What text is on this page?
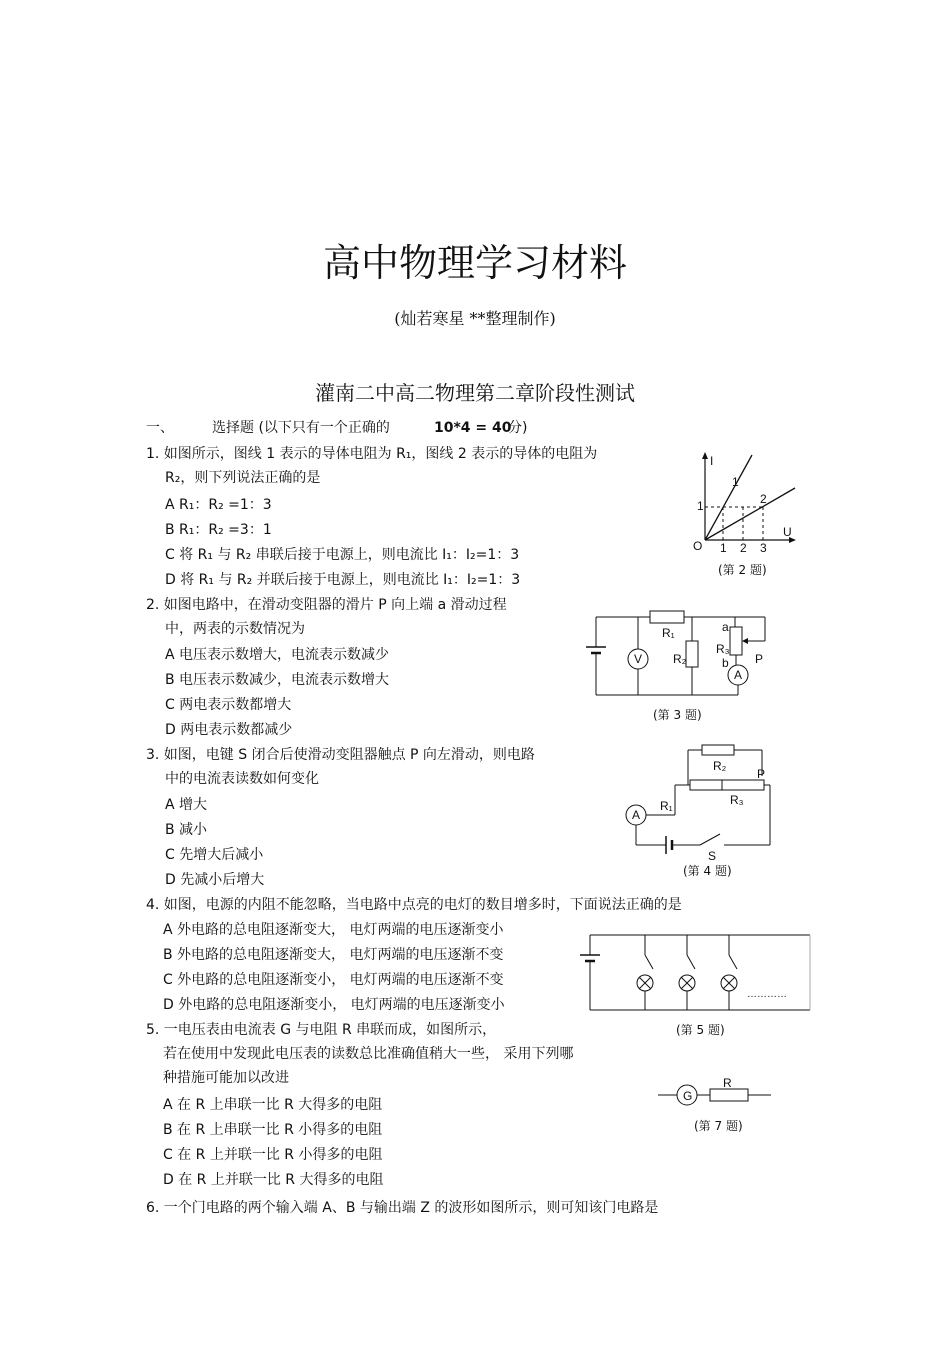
高中物理学习材料
(灿若寒星 **整理制作)
灌南二中高二物理第二章阶段性测试
一、	选择题 (以下只有一个正确的	10*4 = 40
分)
1. 如图所示，图线 1 表示的导体电阻为 R₁，图线 2 表示的导体的电阻为
R₂，则下列说法正确的是
A R₁：R₂ =1：3
B R₁：R₂ =3：1
C 将 R₁ 与 R₂ 串联后接于电源上，则电流比 I₁：I₂=1：3
D 将 R₁ 与 R₂ 并联后接于电源上，则电流比 I₁：I₂=1：3
2. 如图电路中，在滑动变阻器的滑片 P 向上端 a 滑动过程
中，两表的示数情况为
A 电压表示数增大，电流表示数减少
B 电压表示数减少，电流表示数增大
C 两电表示数都增大
D 两电表示数都减少
3. 如图，电键 S 闭合后使滑动变阻器触点 P 向左滑动，则电路
中的电流表读数如何变化
A 增大
B 减小
C 先增大后减小
D 先减小后增大
4. 如图，电源的内阻不能忽略，当电路中点亮的电灯的数目增多时，下面说法正确的是
A 外电路的总电阻逐渐变大， 电灯两端的电压逐渐变小
B 外电路的总电阻逐渐变大， 电灯两端的电压逐渐不变
C 外电路的总电阻逐渐变小， 电灯两端的电压逐渐不变
D 外电路的总电阻逐渐变小， 电灯两端的电压逐渐变小
5. 一电压表由电流表 G 与电阻 R 串联而成，如图所示，
若在使用中发现此电压表的读数总比准确值稍大一些， 采用下列哪
种措施可能加以改进
A 在 R 上串联一比 R 大得多的电阻
B 在 R 上串联一比 R 小得多的电阻
C 在 R 上并联一比 R 小得多的电阻
D 在 R 上并联一比 R 大得多的电阻
6. 一个门电路的两个输入端 A、B 与输出端 Z 的波形如图所示，则可知该门电路是
I
U
O
1
2
1
1 2 3
(第 2 题)
R₁
R₂
R₃
a
b P
V
A
(第 3 题)
A
R₁
R₂
R₃
P
S
(第 4 题)
…………
(第 5 题)
G
R
(第 7 题)
